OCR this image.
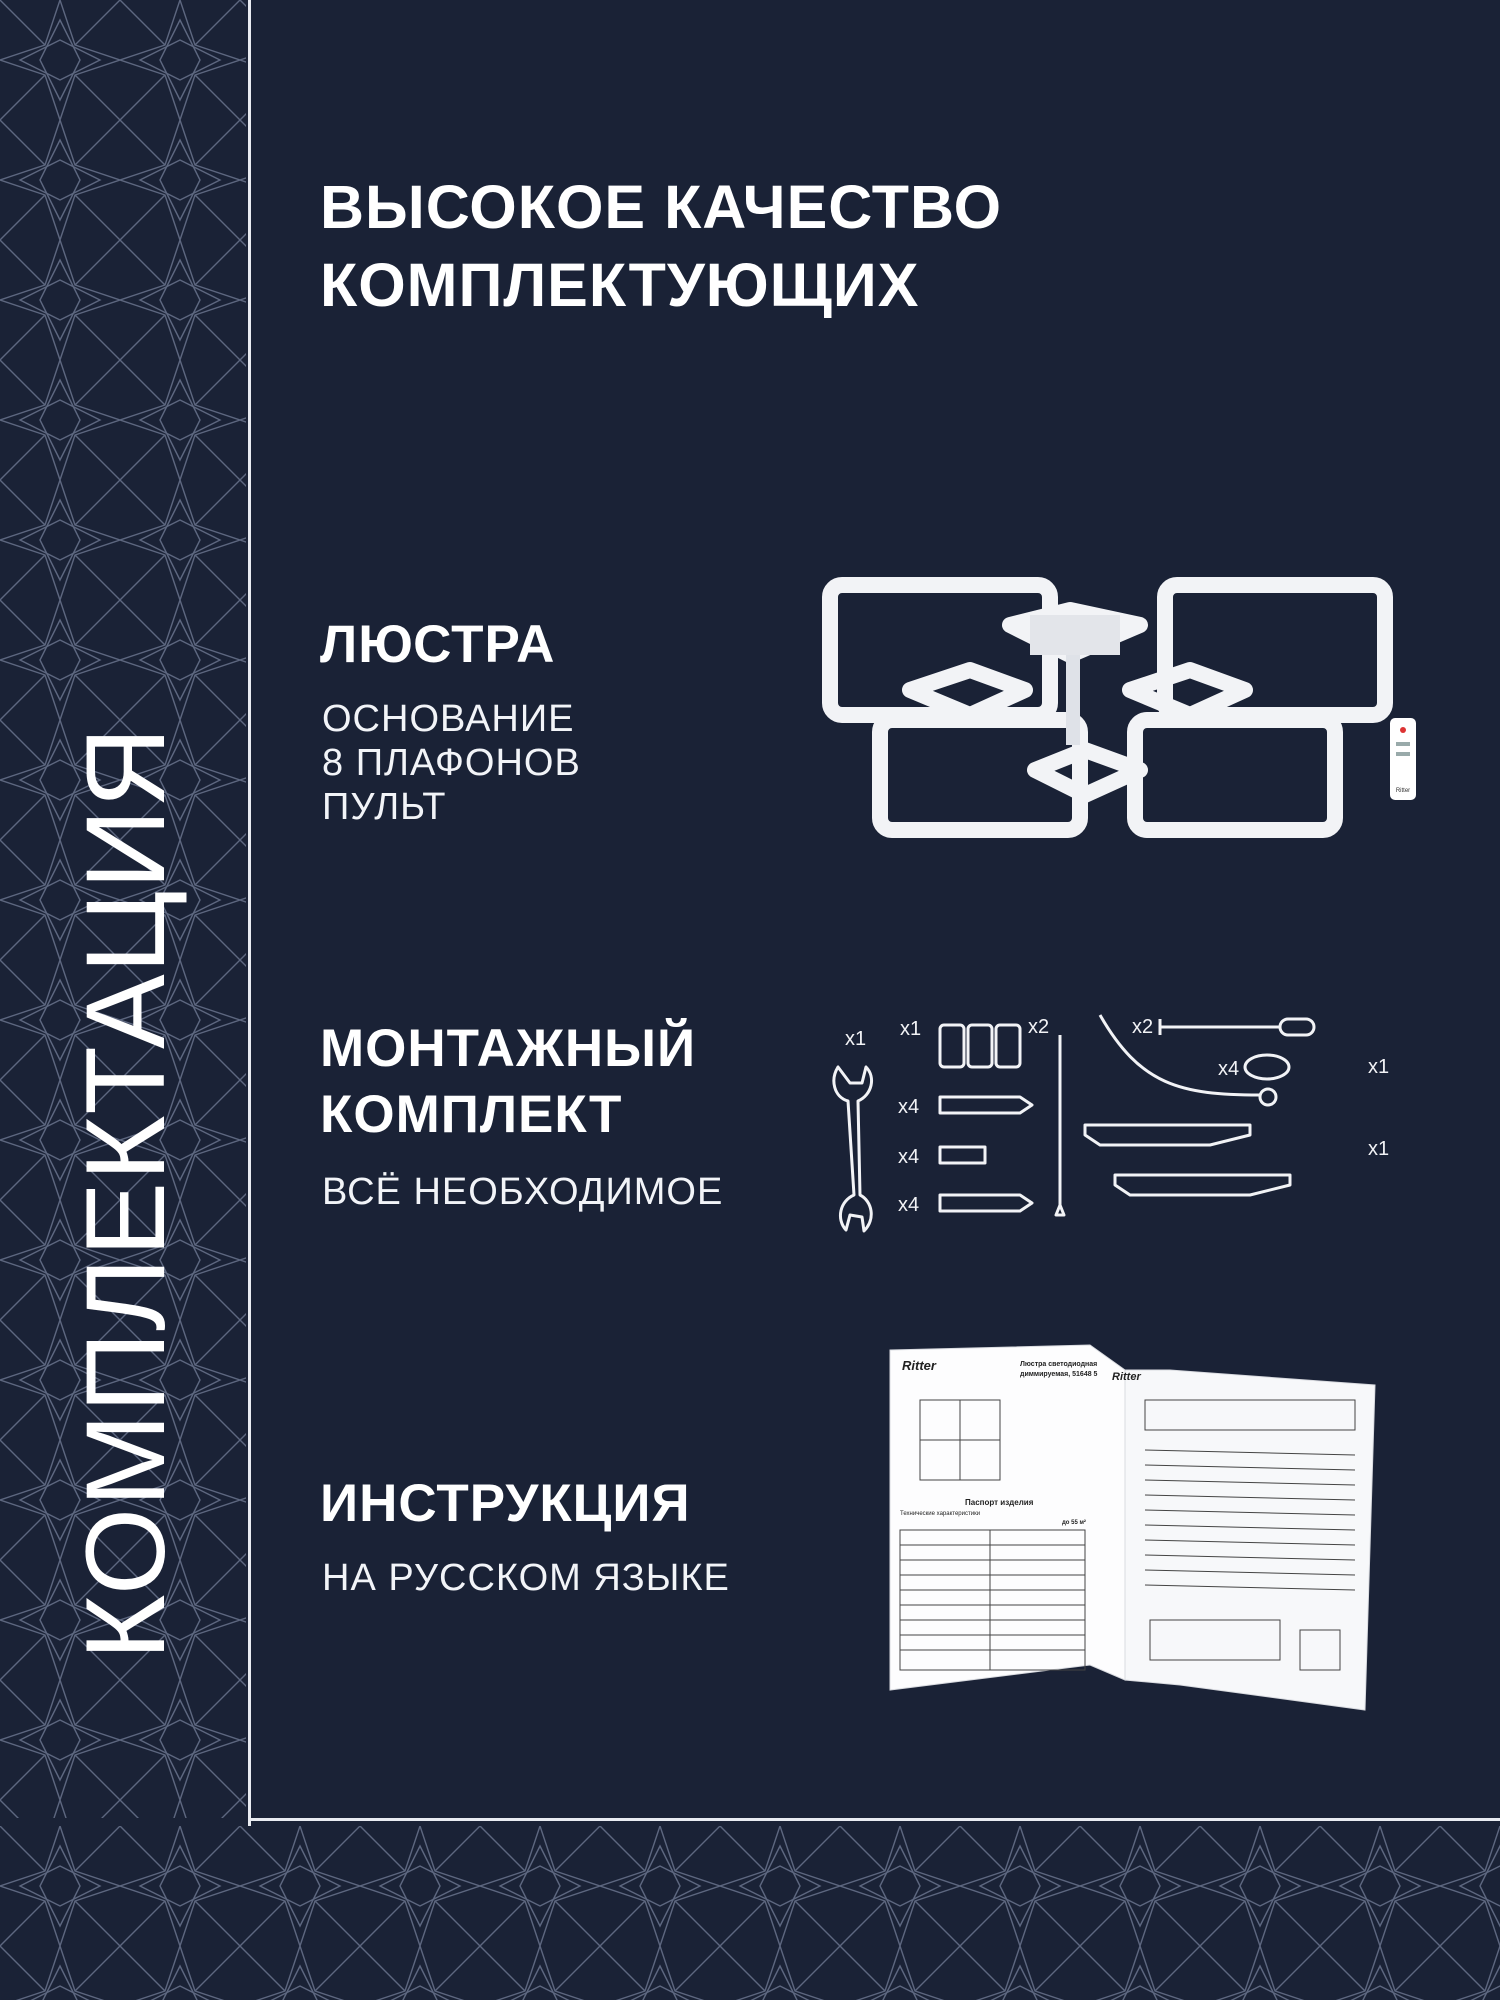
КОМПЛЕКТАЦИЯ
ВЫСОКОЕ КАЧЕСТВО
КОМПЛЕКТУЮЩИХ
ЛЮСТРА
ОСНОВАНИЕ
8 ПЛАФОНОВ
ПУЛЬТ	Ritter
МОНТАЖНЫЙ
КОМПЛЕКТ
ВСЁ НЕОБХОДИМОЕ
x1 x1	x2
x4
x4
x4
x2
x4	x1
x1
ИНСТРУКЦИЯ
НА РУССКОМ ЯЗЫКЕ
Ritter	Люстра светодиодная
диммируемая, 51648 5
Паспорт изделия
Технические характеристики
до 55 м²
Ritter
